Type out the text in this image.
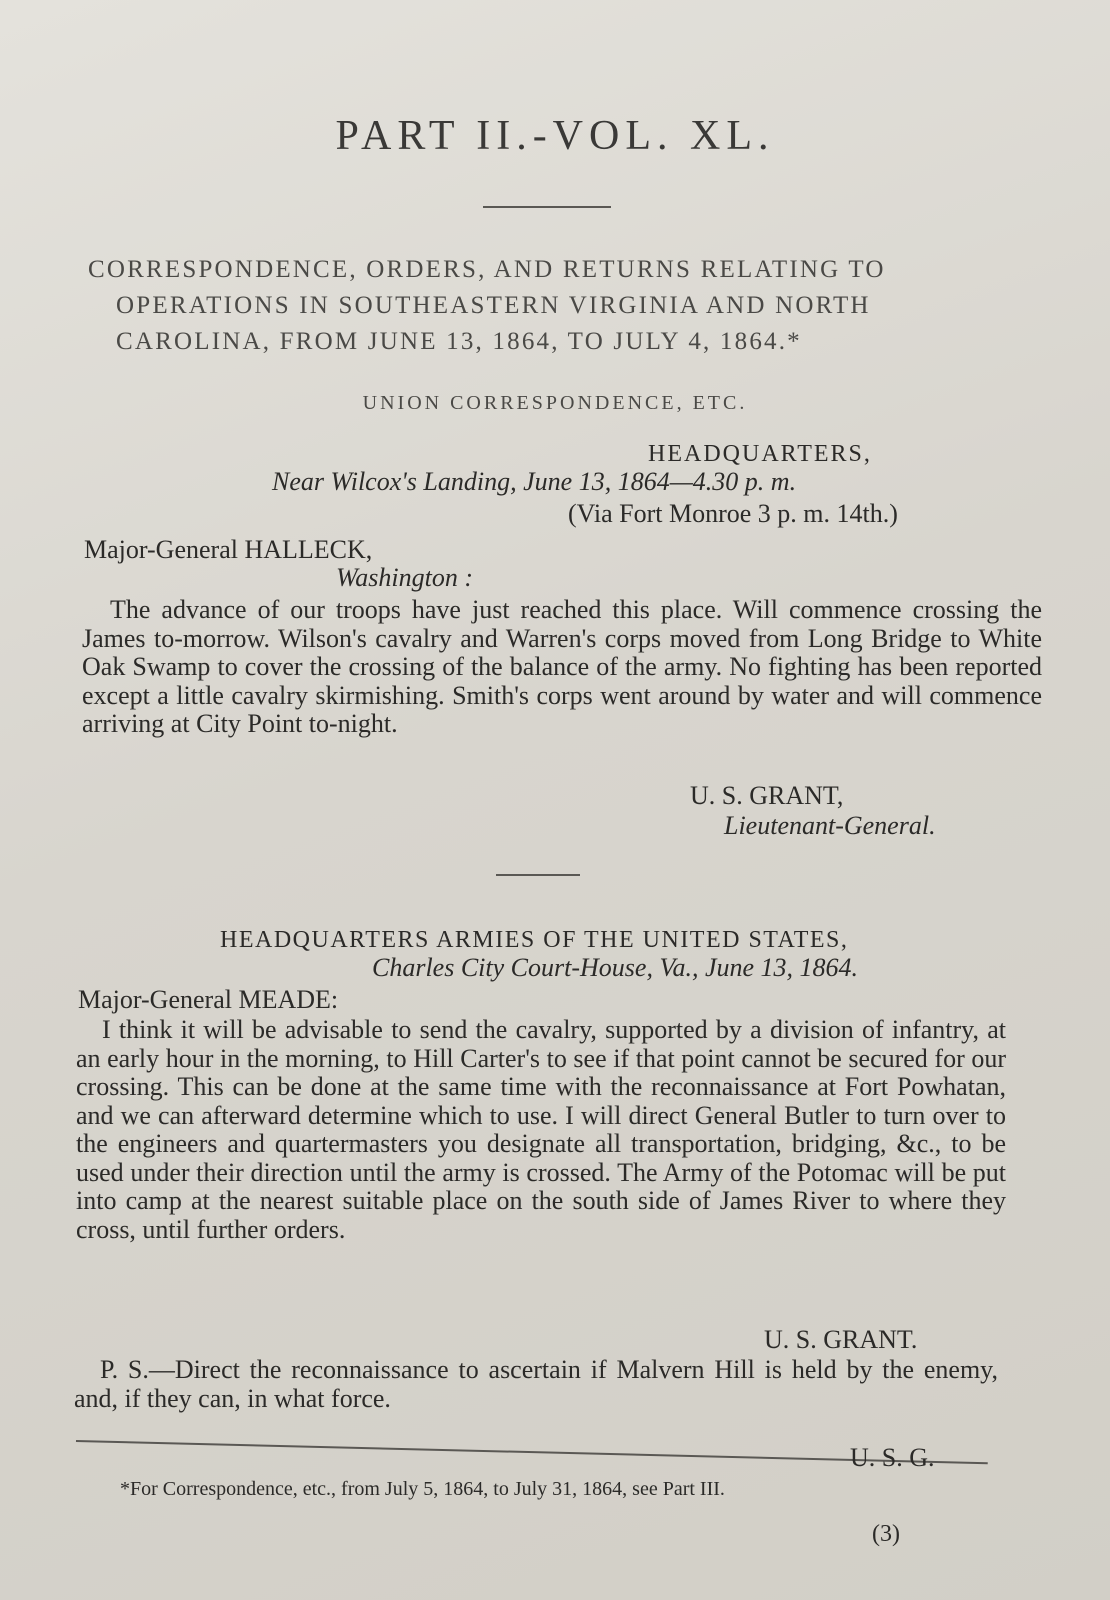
PART II.-VOL. XL.
CORRESPONDENCE, ORDERS, AND RETURNS RELATING TO
OPERATIONS IN SOUTHEASTERN VIRGINIA AND NORTH
CAROLINA, FROM JUNE 13, 1864, TO JULY 4, 1864.*
UNION CORRESPONDENCE, ETC.
HEADQUARTERS,
Near Wilcox's Landing, June 13, 1864—4.30 p. m.
(Via Fort Monroe 3 p. m. 14th.)
Major-General HALLECK,
Washington :
The advance of our troops have just reached this place. Will commence crossing the James to-morrow. Wilson's cavalry and Warren's corps moved from Long Bridge to White Oak Swamp to cover the crossing of the balance of the army. No fighting has been reported except a little cavalry skirmishing. Smith's corps went around by water and will commence arriving at City Point to-night.
U. S. GRANT,
Lieutenant-General.
HEADQUARTERS ARMIES OF THE UNITED STATES,
Charles City Court-House, Va., June 13, 1864.
Major-General MEADE:
I think it will be advisable to send the cavalry, supported by a division of infantry, at an early hour in the morning, to Hill Carter's to see if that point cannot be secured for our crossing. This can be done at the same time with the reconnaissance at Fort Powhatan, and we can afterward determine which to use. I will direct General Butler to turn over to the engineers and quartermasters you designate all transportation, bridging, &c., to be used under their direction until the army is crossed. The Army of the Potomac will be put into camp at the nearest suitable place on the south side of James River to where they cross, until further orders.
U. S. GRANT.
P. S.—Direct the reconnaissance to ascertain if Malvern Hill is held by the enemy, and, if they can, in what force.
U. S. G.
*For Correspondence, etc., from July 5, 1864, to July 31, 1864, see Part III.
(3)
